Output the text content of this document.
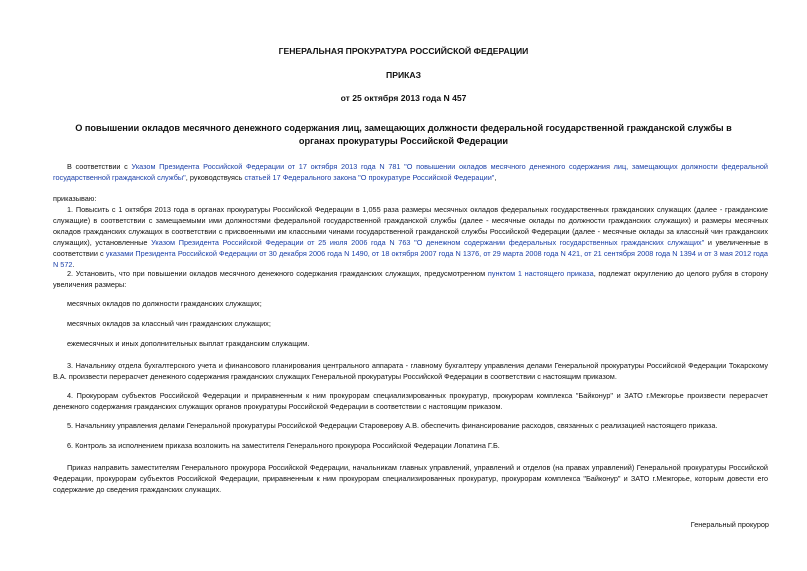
ГЕНЕРАЛЬНАЯ ПРОКУРАТУРА РОССИЙСКОЙ ФЕДЕРАЦИИ
ПРИКАЗ
от 25 октября 2013 года N 457
О повышении окладов месячного денежного содержания лиц, замещающих должности федеральной государственной гражданской службы в органах прокуратуры Российской Федерации
В соответствии с Указом Президента Российской Федерации от 17 октября 2013 года N 781 "О повышении окладов месячного денежного содержания лиц, замещающих должности федеральной государственной гражданской службы", руководствуясь статьей 17 Федерального закона "О прокуратуре Российской Федерации",
приказываю:
1. Повысить с 1 октября 2013 года в органах прокуратуры Российской Федерации в 1,055 раза размеры месячных окладов федеральных государственных гражданских служащих (далее - гражданские служащие) в соответствии с замещаемыми ими должностями федеральной государственной гражданской службы (далее - месячные оклады по должности гражданских служащих) и размеры месячных окладов гражданских служащих в соответствии с присвоенными им классными чинами государственной гражданской службы Российской Федерации (далее - месячные оклады за классный чин гражданских служащих), установленные Указом Президента Российской Федерации от 25 июля 2006 года N 763 "О денежном содержании федеральных государственных гражданских служащих" и увеличенные в соответствии с указами Президента Российской Федерации от 30 декабря 2006 года N 1490, от 18 октября 2007 года N 1376, от 29 марта 2008 года N 421, от 21 сентября 2008 года N 1394 и от 3 мая 2012 года N 572.
2. Установить, что при повышении окладов месячного денежного содержания гражданских служащих, предусмотренном пунктом 1 настоящего приказа, подлежат округлению до целого рубля в сторону увеличения размеры:
месячных окладов по должности гражданских служащих;
месячных окладов за классный чин гражданских служащих;
ежемесячных и иных дополнительных выплат гражданским служащим.
3. Начальнику отдела бухгалтерского учета и финансового планирования центрального аппарата - главному бухгалтеру управления делами Генеральной прокуратуры Российской Федерации Токарскому В.А. произвести перерасчет денежного содержания гражданских служащих Генеральной прокуратуры Российской Федерации в соответствии с настоящим приказом.
4. Прокурорам субъектов Российской Федерации и приравненным к ним прокурорам специализированных прокуратур, прокурорам комплекса "Байконур" и ЗАТО г.Межгорье произвести перерасчет денежного содержания гражданских служащих органов прокуратуры Российской Федерации в соответствии с настоящим приказом.
5. Начальнику управления делами Генеральной прокуратуры Российской Федерации Староверову А.В. обеспечить финансирование расходов, связанных с реализацией настоящего приказа.
6. Контроль за исполнением приказа возложить на заместителя Генерального прокурора Российской Федерации Лопатина Г.Б.
Приказ направить заместителям Генерального прокурора Российской Федерации, начальникам главных управлений, управлений и отделов (на правах управлений) Генеральной прокуратуры Российской Федерации, прокурорам субъектов Российской Федерации, приравненным к ним прокурорам специализированных прокуратур, прокурорам комплекса "Байконур" и ЗАТО г.Межгорье, которым довести его содержание до сведения гражданских служащих.
Генеральный прокурор
